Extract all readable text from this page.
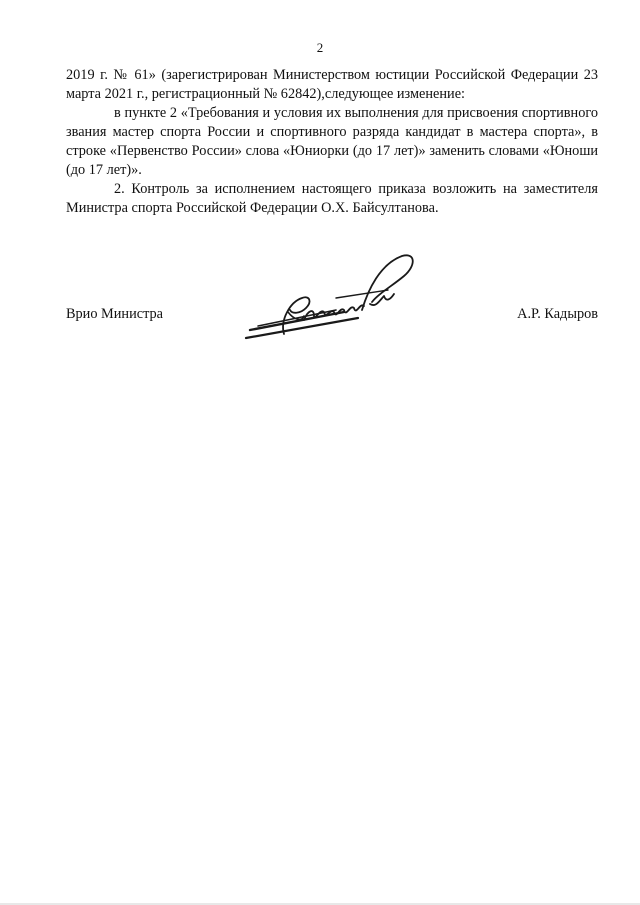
2

2019 г. № 61» (зарегистрирован Министерством юстиции Российской Федерации 23 марта 2021 г., регистрационный № 62842),следующее изменение:

в пункте 2 «Требования и условия их выполнения для присвоения спортивного звания мастер спорта России и спортивного разряда кандидат в мастера спорта», в строке «Первенство России» слова «Юниорки (до 17 лет)» заменить словами «Юноши (до 17 лет)».

2. Контроль за исполнением настоящего приказа возложить на заместителя Министра спорта Российской Федерации О.Х. Байсултанова.

Врио Министра	А.Р. Кадыров
